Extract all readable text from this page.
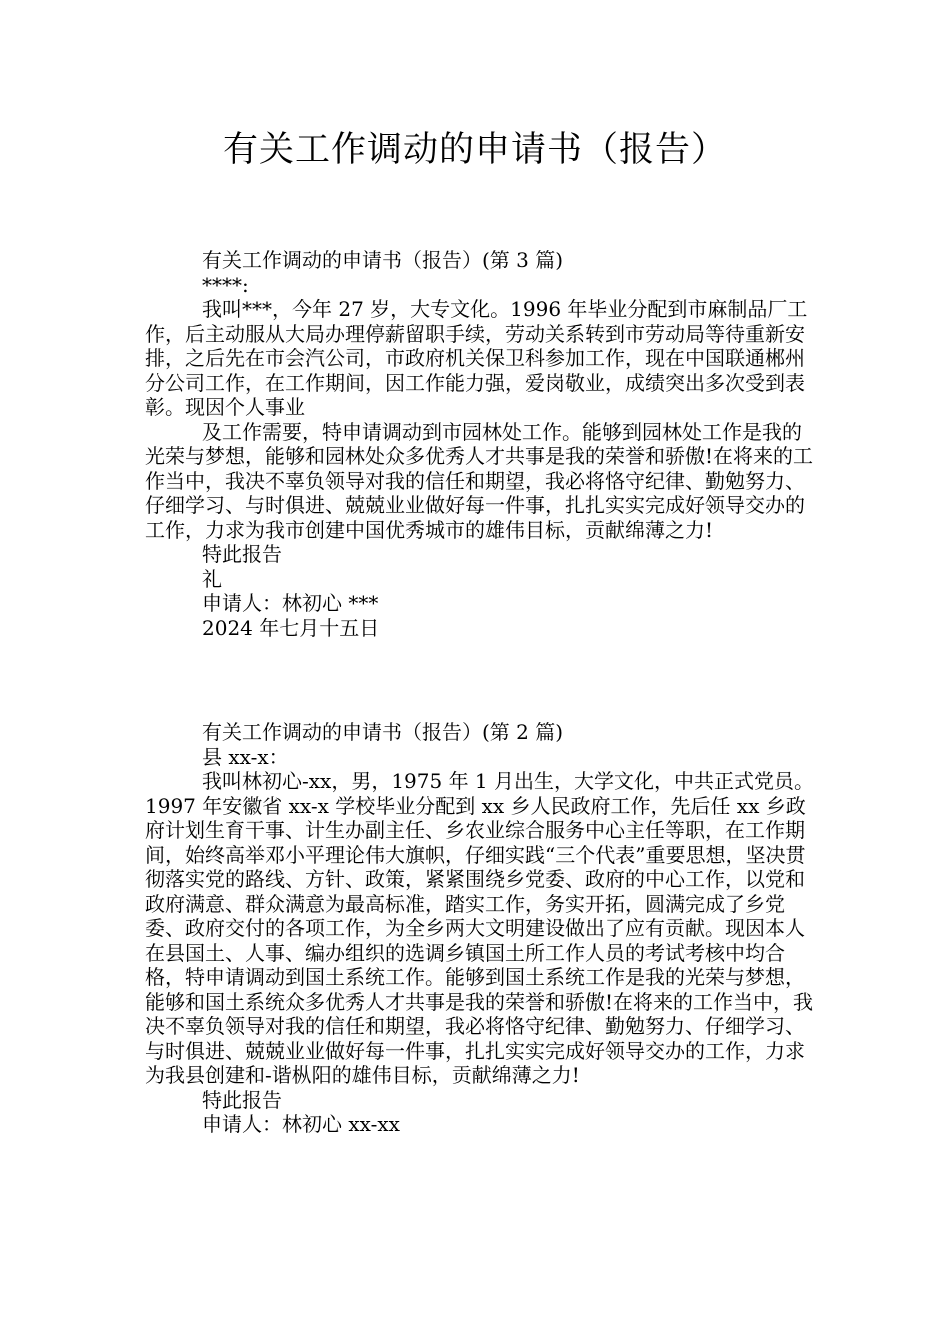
有关工作调动的申请书（报告）

有关工作调动的申请书（报告）(第 3 篇)

****:

我叫***，今年 27 岁，大专文化。1996 年毕业分配到市麻制品厂工作，后主动服从大局办理停薪留职手续，劳动关系转到市劳动局等待重新安排，之后先在市会汽公司，市政府机关保卫科参加工作，现在中国联通郴州分公司工作，在工作期间，因工作能力强，爱岗敬业，成绩突出多次受到表彰。现因个人事业

及工作需要，特申请调动到市园林处工作。能够到园林处工作是我的光荣与梦想，能够和园林处众多优秀人才共事是我的荣誉和骄傲!在将来的工作当中，我决不辜负领导对我的信任和期望，我必将恪守纪律、勤勉努力、仔细学习、与时俱进、兢兢业业做好每一件事，扎扎实实完成好领导交办的工作，力求为我市创建中国优秀城市的雄伟目标，贡献绵薄之力!

特此报告

礼

申请人：林初心 ***

2024 年七月十五日

有关工作调动的申请书（报告）(第 2 篇)

县 xx-x：

我叫林初心-xx，男，1975 年 1 月出生，大学文化，中共正式党员。1997 年安徽省 xx-x 学校毕业分配到 xx 乡人民政府工作，先后任 xx 乡政府计划生育干事、计生办副主任、乡农业综合服务中心主任等职，在工作期间，始终高举邓小平理论伟大旗帜，仔细实践“三个代表”重要思想，坚决贯彻落实党的路线、方针、政策，紧紧围绕乡党委、政府的中心工作，以党和政府满意、群众满意为最高标准，踏实工作，务实开拓，圆满完成了乡党委、政府交付的各项工作，为全乡两大文明建设做出了应有贡献。现因本人在县国土、人事、编办组织的选调乡镇国土所工作人员的考试考核中均合格，特申请调动到国土系统工作。能够到国土系统工作是我的光荣与梦想，能够和国土系统众多优秀人才共事是我的荣誉和骄傲!在将来的工作当中，我决不辜负领导对我的信任和期望，我必将恪守纪律、勤勉努力、仔细学习、与时俱进、兢兢业业做好每一件事，扎扎实实完成好领导交办的工作，力求为我县创建和-谐枞阳的雄伟目标，贡献绵薄之力!

特此报告

申请人：林初心 xx-xx
